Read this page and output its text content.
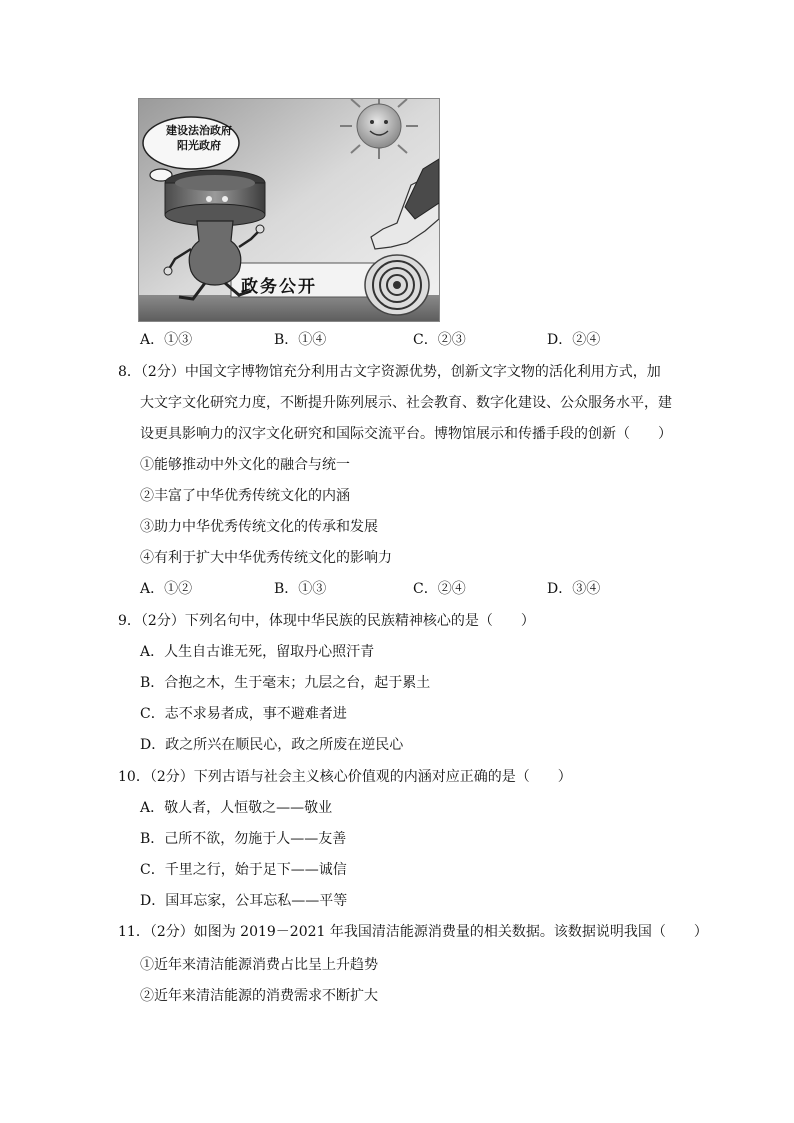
建设法治政府
阳光政府
政务公开
A．①③	B．①④	C．②③	D．②④
8．（2分）中国文字博物馆充分利用古文字资源优势，创新文字文物的活化利用方式，加
大文字文化研究力度，不断提升陈列展示、社会教育、数字化建设、公众服务水平，建
设更具影响力的汉字文化研究和国际交流平台。博物馆展示和传播手段的创新（　　）
①能够推动中外文化的融合与统一
②丰富了中华优秀传统文化的内涵
③助力中华优秀传统文化的传承和发展
④有利于扩大中华优秀传统文化的影响力
A．①②	B．①③	C．②④	D．③④
9．（2分）下列名句中，体现中华民族的民族精神核心的是（　　）
A．人生自古谁无死，留取丹心照汗青
B．合抱之木，生于毫末；九层之台，起于累土
C．志不求易者成，事不避难者进
D．政之所兴在顺民心，政之所废在逆民心
10．（2分）下列古语与社会主义核心价值观的内涵对应正确的是（　　）
A．敬人者，人恒敬之——敬业
B．己所不欲，勿施于人——友善
C．千里之行，始于足下——诚信
D．国耳忘家，公耳忘私——平等
11．（2分）如图为 2019－2021 年我国清洁能源消费量的相关数据。该数据说明我国（　　）
①近年来清洁能源消费占比呈上升趋势
②近年来清洁能源的消费需求不断扩大
